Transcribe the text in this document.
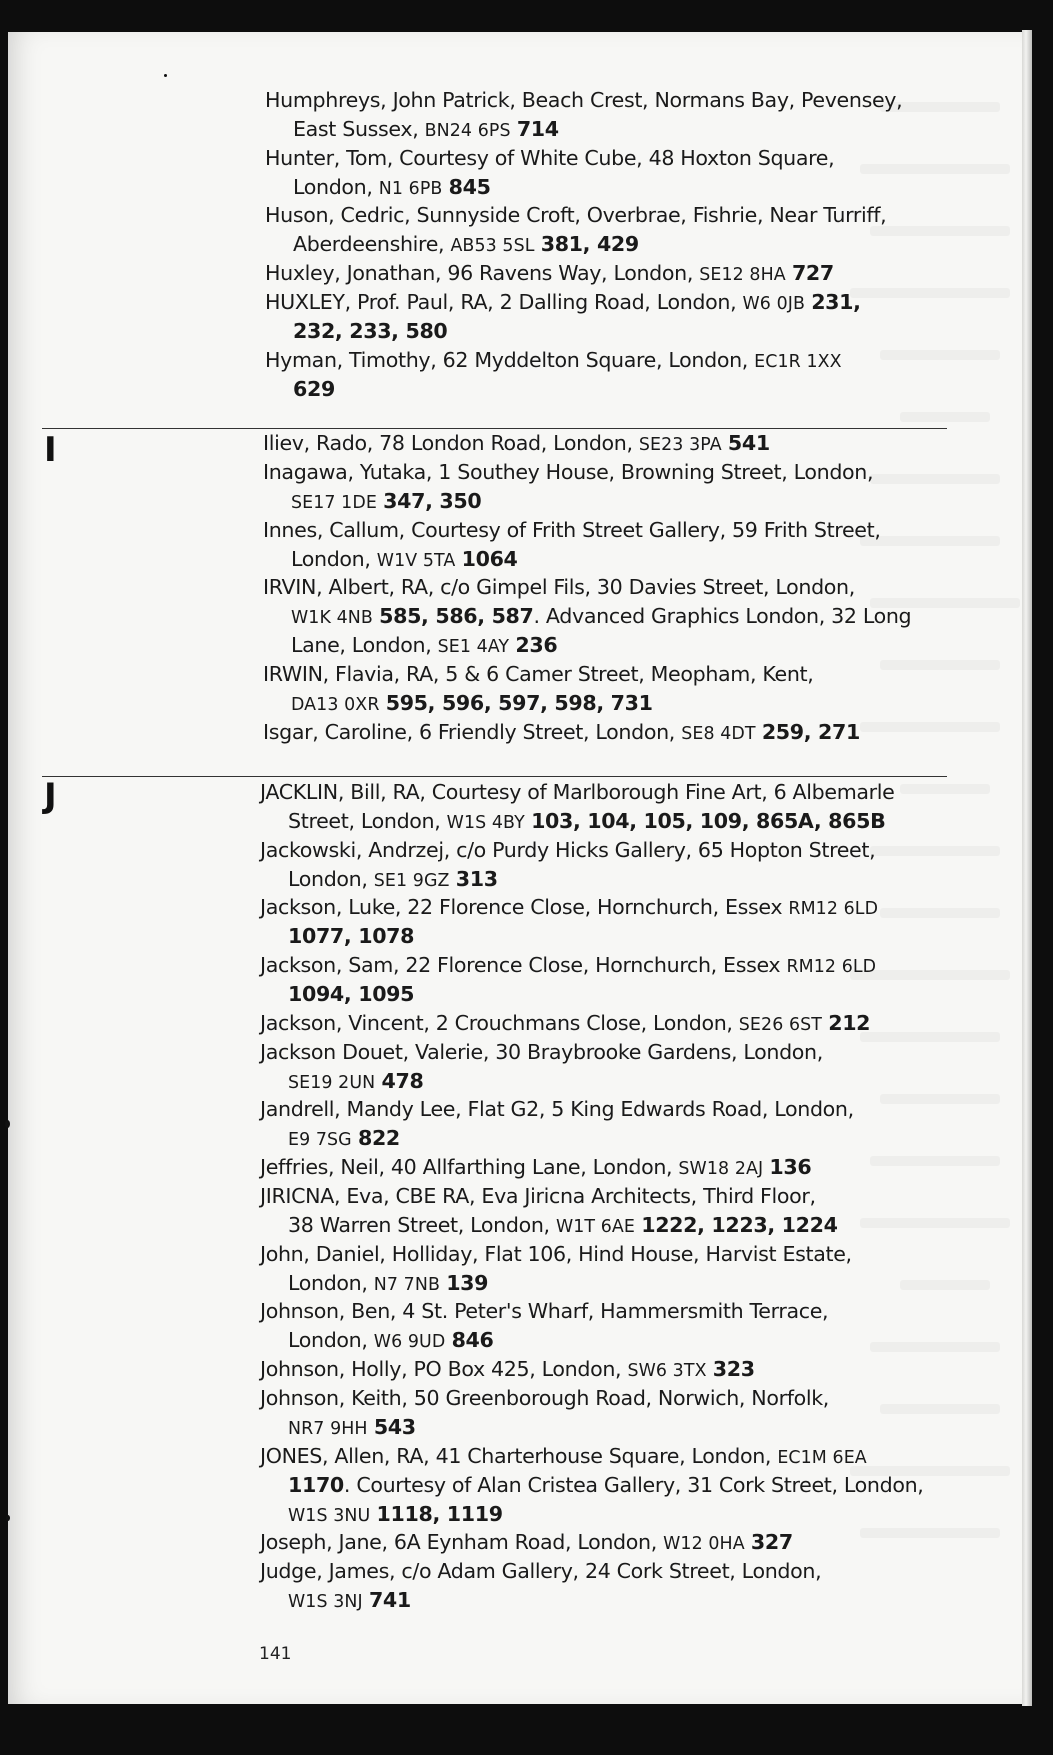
Humphreys, John Patrick, Beach Crest, Normans Bay, Pevensey,
East Sussex, BN24 6PS 714
Hunter, Tom, Courtesy of White Cube, 48 Hoxton Square,
London, N1 6PB 845
Huson, Cedric, Sunnyside Croft, Overbrae, Fishrie, Near Turriff,
Aberdeenshire, AB53 5SL 381, 429
Huxley, Jonathan, 96 Ravens Way, London, SE12 8HA 727
HUXLEY, Prof. Paul, RA, 2 Dalling Road, London, W6 0JB 231,
232, 233, 580
Hyman, Timothy, 62 Myddelton Square, London, EC1R 1XX
629
I	Iliev, Rado, 78 London Road, London, SE23 3PA 541
Inagawa, Yutaka, 1 Southey House, Browning Street, London,
SE17 1DE 347, 350
Innes, Callum, Courtesy of Frith Street Gallery, 59 Frith Street,
London, W1V 5TA 1064
IRVIN, Albert, RA, c/o Gimpel Fils, 30 Davies Street, London,
W1K 4NB 585, 586, 587. Advanced Graphics London, 32 Long
Lane, London, SE1 4AY 236
IRWIN, Flavia, RA, 5 & 6 Camer Street, Meopham, Kent,
DA13 0XR 595, 596, 597, 598, 731
Isgar, Caroline, 6 Friendly Street, London, SE8 4DT 259, 271
J	JACKLIN, Bill, RA, Courtesy of Marlborough Fine Art, 6 Albemarle
Street, London, W1S 4BY 103, 104, 105, 109, 865A, 865B
Jackowski, Andrzej, c/o Purdy Hicks Gallery, 65 Hopton Street,
London, SE1 9GZ 313
Jackson, Luke, 22 Florence Close, Hornchurch, Essex RM12 6LD
1077, 1078
Jackson, Sam, 22 Florence Close, Hornchurch, Essex RM12 6LD
1094, 1095
Jackson, Vincent, 2 Crouchmans Close, London, SE26 6ST 212
Jackson Douet, Valerie, 30 Braybrooke Gardens, London,
SE19 2UN 478
Jandrell, Mandy Lee, Flat G2, 5 King Edwards Road, London,
E9 7SG 822
Jeffries, Neil, 40 Allfarthing Lane, London, SW18 2AJ 136
JIRICNA, Eva, CBE RA, Eva Jiricna Architects, Third Floor,
38 Warren Street, London, W1T 6AE 1222, 1223, 1224
John, Daniel, Holliday, Flat 106, Hind House, Harvist Estate,
London, N7 7NB 139
Johnson, Ben, 4 St. Peter's Wharf, Hammersmith Terrace,
London, W6 9UD 846
Johnson, Holly, PO Box 425, London, SW6 3TX 323
Johnson, Keith, 50 Greenborough Road, Norwich, Norfolk,
NR7 9HH 543
JONES, Allen, RA, 41 Charterhouse Square, London, EC1M 6EA
1170. Courtesy of Alan Cristea Gallery, 31 Cork Street, London,
W1S 3NU 1118, 1119
Joseph, Jane, 6A Eynham Road, London, W12 0HA 327
Judge, James, c/o Adam Gallery, 24 Cork Street, London,
W1S 3NJ 741
141
